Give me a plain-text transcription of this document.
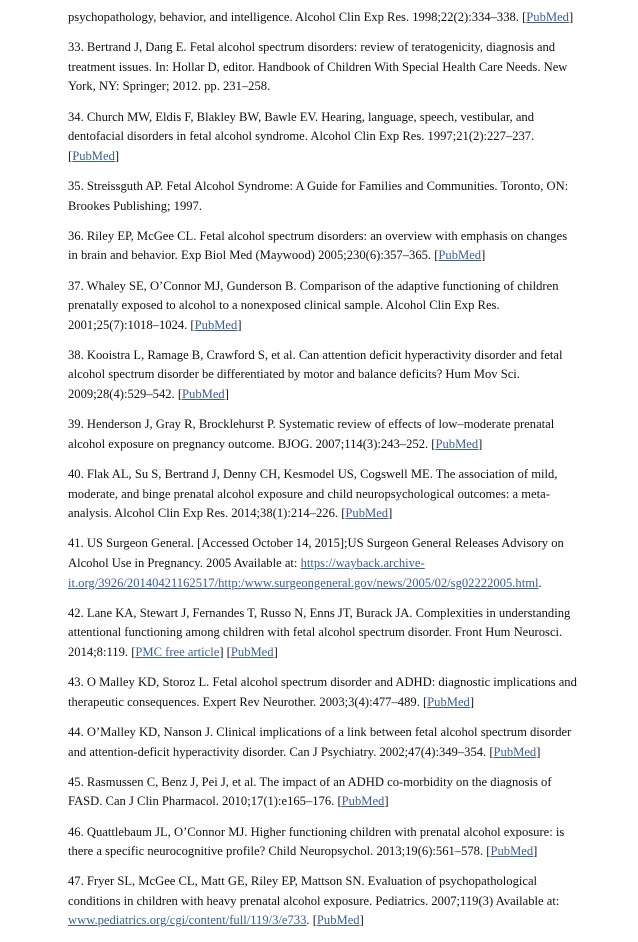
psychopathology, behavior, and intelligence. Alcohol Clin Exp Res. 1998;22(2):334–338. [PubMed]

33. Bertrand J, Dang E. Fetal alcohol spectrum disorders: review of teratogenicity, diagnosis and treatment issues. In: Hollar D, editor. Handbook of Children With Special Health Care Needs. New York, NY: Springer; 2012. pp. 231–258.

34. Church MW, Eldis F, Blakley BW, Bawle EV. Hearing, language, speech, vestibular, and dentofacial disorders in fetal alcohol syndrome. Alcohol Clin Exp Res. 1997;21(2):227–237. [PubMed]

35. Streissguth AP. Fetal Alcohol Syndrome: A Guide for Families and Communities. Toronto, ON: Brookes Publishing; 1997.

36. Riley EP, McGee CL. Fetal alcohol spectrum disorders: an overview with emphasis on changes in brain and behavior. Exp Biol Med (Maywood) 2005;230(6):357–365. [PubMed]

37. Whaley SE, O’Connor MJ, Gunderson B. Comparison of the adaptive functioning of children prenatally exposed to alcohol to a nonexposed clinical sample. Alcohol Clin Exp Res. 2001;25(7):1018–1024. [PubMed]

38. Kooistra L, Ramage B, Crawford S, et al. Can attention deficit hyperactivity disorder and fetal alcohol spectrum disorder be differentiated by motor and balance deficits? Hum Mov Sci. 2009;28(4):529–542. [PubMed]

39. Henderson J, Gray R, Brocklehurst P. Systematic review of effects of low–moderate prenatal alcohol exposure on pregnancy outcome. BJOG. 2007;114(3):243–252. [PubMed]

40. Flak AL, Su S, Bertrand J, Denny CH, Kesmodel US, Cogswell ME. The association of mild, moderate, and binge prenatal alcohol exposure and child neuropsychological outcomes: a meta-analysis. Alcohol Clin Exp Res. 2014;38(1):214–226. [PubMed]

41. US Surgeon General. [Accessed October 14, 2015];US Surgeon General Releases Advisory on Alcohol Use in Pregnancy. 2005 Available at: https://wayback.archive-it.org/3926/20140421162517/http:/www.surgeongeneral.gov/news/2005/02/sg02222005.html.

42. Lane KA, Stewart J, Fernandes T, Russo N, Enns JT, Burack JA. Complexities in understanding attentional functioning among children with fetal alcohol spectrum disorder. Front Hum Neurosci. 2014;8:119. [PMC free article] [PubMed]

43. O Malley KD, Storoz L. Fetal alcohol spectrum disorder and ADHD: diagnostic implications and therapeutic consequences. Expert Rev Neurother. 2003;3(4):477–489. [PubMed]

44. O’Malley KD, Nanson J. Clinical implications of a link between fetal alcohol spectrum disorder and attention-deficit hyperactivity disorder. Can J Psychiatry. 2002;47(4):349–354. [PubMed]

45. Rasmussen C, Benz J, Pei J, et al. The impact of an ADHD co-morbidity on the diagnosis of FASD. Can J Clin Pharmacol. 2010;17(1):e165–176. [PubMed]

46. Quattlebaum JL, O’Connor MJ. Higher functioning children with prenatal alcohol exposure: is there a specific neurocognitive profile? Child Neuropsychol. 2013;19(6):561–578. [PubMed]

47. Fryer SL, McGee CL, Matt GE, Riley EP, Mattson SN. Evaluation of psychopathological conditions in children with heavy prenatal alcohol exposure. Pediatrics. 2007;119(3) Available at: www.pediatrics.org/cgi/content/full/119/3/e733. [PubMed]
